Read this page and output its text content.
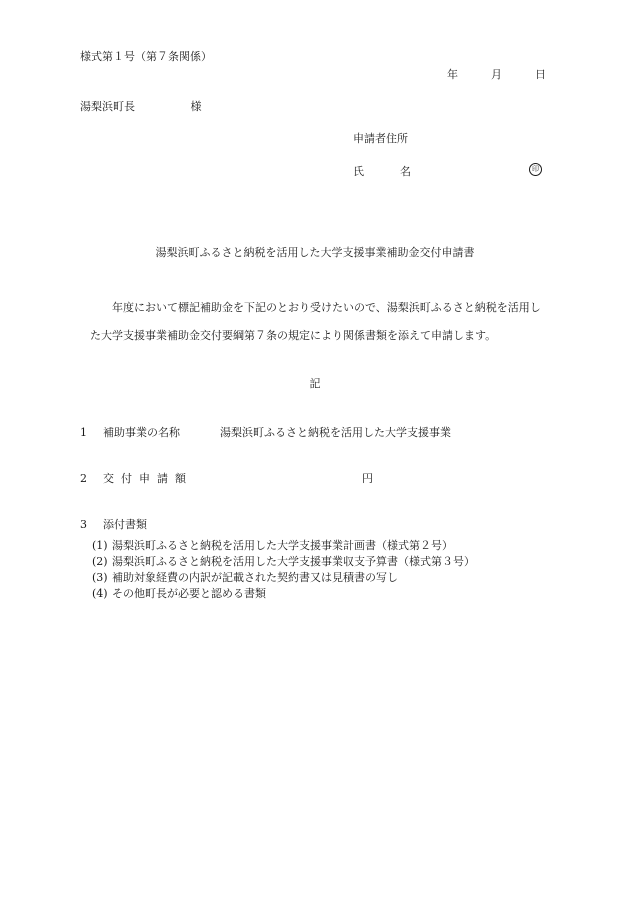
様式第１号（第７条関係）
年	月	日
湯梨浜町長	様
申請者住所
氏	名	印
湯梨浜町ふるさと納税を活用した大学支援事業補助金交付申請書

年度において標記補助金を下記のとおり受けたいので、湯梨浜町ふるさと納税を活用した大学支援事業補助金交付要綱第７条の規定により関係書類を添えて申請します。

記
1 補助事業の名称	湯梨浜町ふるさと納税を活用した大学支援事業
2 交付申請額	円
3 添付書類
(1) 湯梨浜町ふるさと納税を活用した大学支援事業計画書（様式第２号）
(2) 湯梨浜町ふるさと納税を活用した大学支援事業収支予算書（様式第３号）
(3) 補助対象経費の内訳が記載された契約書又は見積書の写し
(4) その他町長が必要と認める書類
